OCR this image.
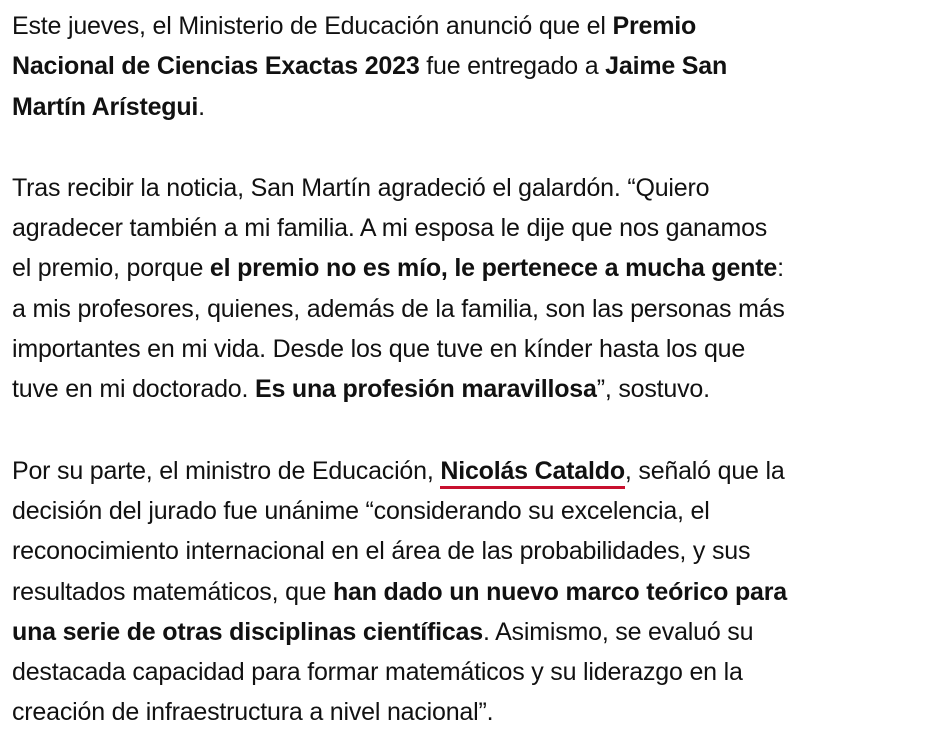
Este jueves, el Ministerio de Educación anunció que el Premio
Nacional de Ciencias Exactas 2023 fue entregado a Jaime San
Martín Arístegui.

Tras recibir la noticia, San Martín agradeció el galardón. “Quiero
agradecer también a mi familia. A mi esposa le dije que nos ganamos
el premio, porque el premio no es mío, le pertenece a mucha gente:
a mis profesores, quienes, además de la familia, son las personas más
importantes en mi vida. Desde los que tuve en kínder hasta los que
tuve en mi doctorado. Es una profesión maravillosa”, sostuvo.

Por su parte, el ministro de Educación, Nicolás Cataldo, señaló que la
decisión del jurado fue unánime “considerando su excelencia, el
reconocimiento internacional en el área de las probabilidades, y sus
resultados matemáticos, que han dado un nuevo marco teórico para
una serie de otras disciplinas científicas. Asimismo, se evaluó su
destacada capacidad para formar matemáticos y su liderazgo en la
creación de infraestructura a nivel nacional”.
